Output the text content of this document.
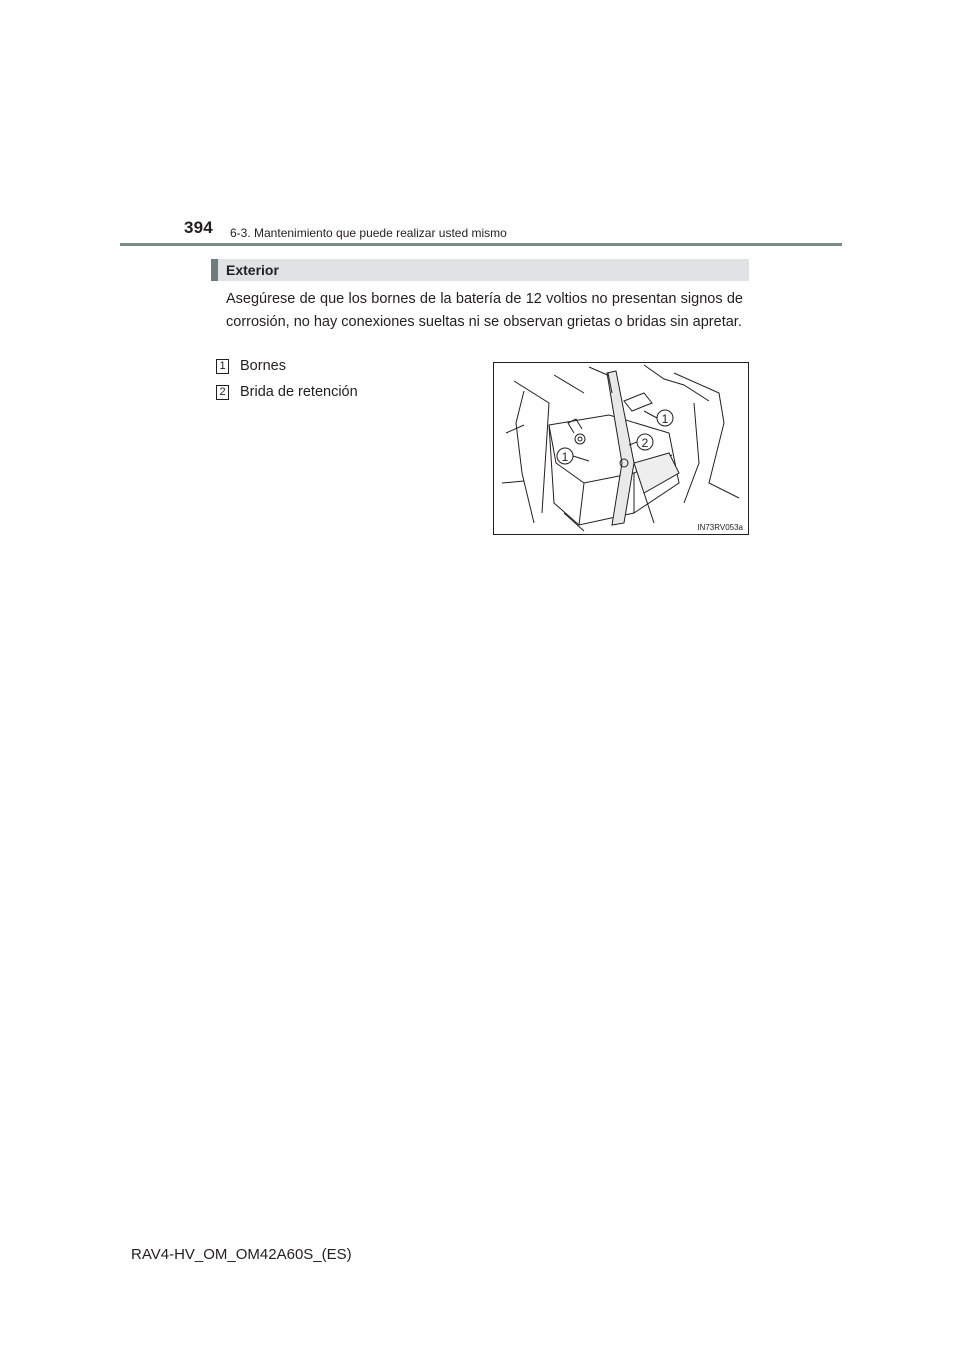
394 6-3. Mantenimiento que puede realizar usted mismo
Exterior
Asegúrese de que los bornes de la batería de 12 voltios no presentan signos de corrosión, no hay conexiones sueltas ni se observan grietas o bridas sin apretar.
1 Bornes
2 Brida de retención
1
2
1
IN73RV053a
RAV4-HV_OM_OM42A60S_(ES)
